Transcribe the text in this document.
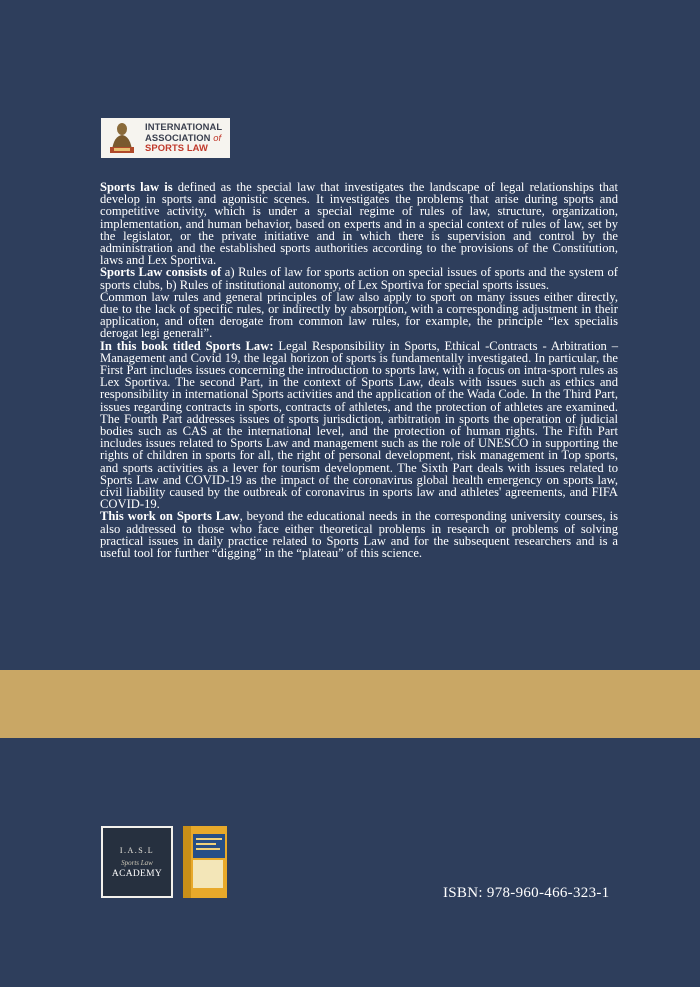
INTERNATIONAL
ASSOCIATION of
SPORTS LAW

Sports law is defined as the special law that investigates the landscape of legal relationships that develop in sports and agonistic scenes. It investigates the problems that arise during sports and competitive activity, which is under a special regime of rules of law, structure, organization, implementation, and human behavior, based on experts and in a special context of rules of law, set by the legislator, or the private initiative and in which there is supervision and control by the administration and the established sports authorities according to the provisions of the Constitution, laws and Lex Sportiva.

Sports Law consists of a) Rules of law for sports action on special issues of sports and the system of sports clubs, b) Rules of institutional autonomy, of Lex Sportiva for special sports issues.

Common law rules and general principles of law also apply to sport on many issues either directly, due to the lack of specific rules, or indirectly by absorption, with a corresponding adjustment in their application, and often derogate from common law rules, for example, the principle “lex specialis derogat legi generali”.

In this book titled Sports Law: Legal Responsibility in Sports, Ethical -Contracts - Arbitration – Management and Covid 19, the legal horizon of sports is fundamentally investigated. In particular, the First Part includes issues concerning the introduction to sports law, with a focus on intra-sport rules as Lex Sportiva. The second Part, in the context of Sports Law, deals with issues such as ethics and responsibility in international Sports activities and the application of the Wada Code. In the Third Part, issues regarding contracts in sports, contracts of athletes, and the protection of athletes are examined. The Fourth Part addresses issues of sports jurisdiction, arbitration in sports the operation of judicial bodies such as CAS at the international level, and the protection of human rights. The Fifth Part includes issues related to Sports Law and management such as the role of UNESCO in supporting the rights of children in sports for all, the right of personal development, risk management in Top sports, and sports activities as a lever for tourism development. The Sixth Part deals with issues related to Sports Law and COVID-19 as the impact of the coronavirus global health emergency on sports law, civil liability caused by the outbreak of coronavirus in sports law and athletes' agreements, and FIFA COVID-19.

This work on Sports Law, beyond the educational needs in the corresponding university courses, is also addressed to those who face either theoretical problems in research or problems of solving practical issues in daily practice related to Sports Law and for the subsequent researchers and is a useful tool for further “digging” in the “plateau” of this science.

I.A.S.L
Sports Law
ACADEMY
ISBN: 978-960-466-323-1
